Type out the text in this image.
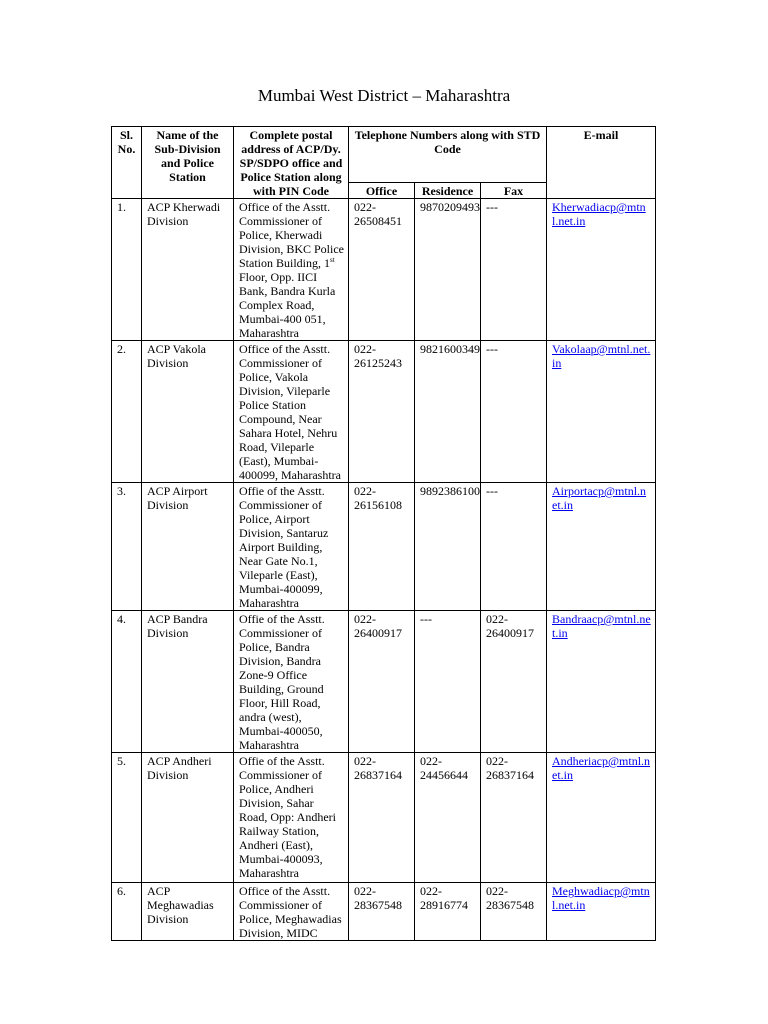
Mumbai West District – Maharashtra
Sl. No.	Name of the Sub-Division and Police Station	Complete postal address of ACP/Dy. SP/SDPO office and Police Station along with PIN Code	Telephone Numbers along with STD Code			E-mail
			Office	Residence	Fax	
1.	ACP Kherwadi Division	Office of the Asstt. Commissioner of Police, Kherwadi Division, BKC Police Station Building, 1st Floor, Opp. IICI Bank, Bandra Kurla Complex Road, Mumbai-400 051, Maharashtra	022-26508451	9870209493	---	Kherwadiacp@mtnl.net.in
2.	ACP Vakola Division	Office of the Asstt. Commissioner of Police, Vakola Division, Vileparle Police Station Compound, Near Sahara Hotel, Nehru Road, Vileparle (East), Mumbai-400099, Maharashtra	022-26125243	9821600349	---	Vakolaap@mtnl.net.in
3.	ACP Airport Division	Offie of the Asstt. Commissioner of Police, Airport Division, Santaruz Airport Building, Near Gate No.1, Vileparle (East), Mumbai-400099, Maharashtra	022-26156108	9892386100	---	Airportacp@mtnl.net.in
4.	ACP Bandra Division	Offie of the Asstt. Commissioner of Police, Bandra Division, Bandra Zone-9 Office Building, Ground Floor, Hill Road, andra (west), Mumbai-400050, Maharashtra	022-26400917	---	022-26400917	Bandraacp@mtnl.net.in
5.	ACP Andheri Division	Offie of the Asstt. Commissioner of Police, Andheri Division, Sahar Road, Opp: Andheri Railway Station, Andheri (East), Mumbai-400093, Maharashtra	022-26837164	022-24456644	022-26837164	Andheriacp@mtnl.net.in
6.	ACP Meghawadias Division	Office of the Asstt. Commissioner of Police, Meghawadias Division, MIDC	022-28367548	022-28916774	022-28367548	Meghwadiacp@mtnl.net.in
